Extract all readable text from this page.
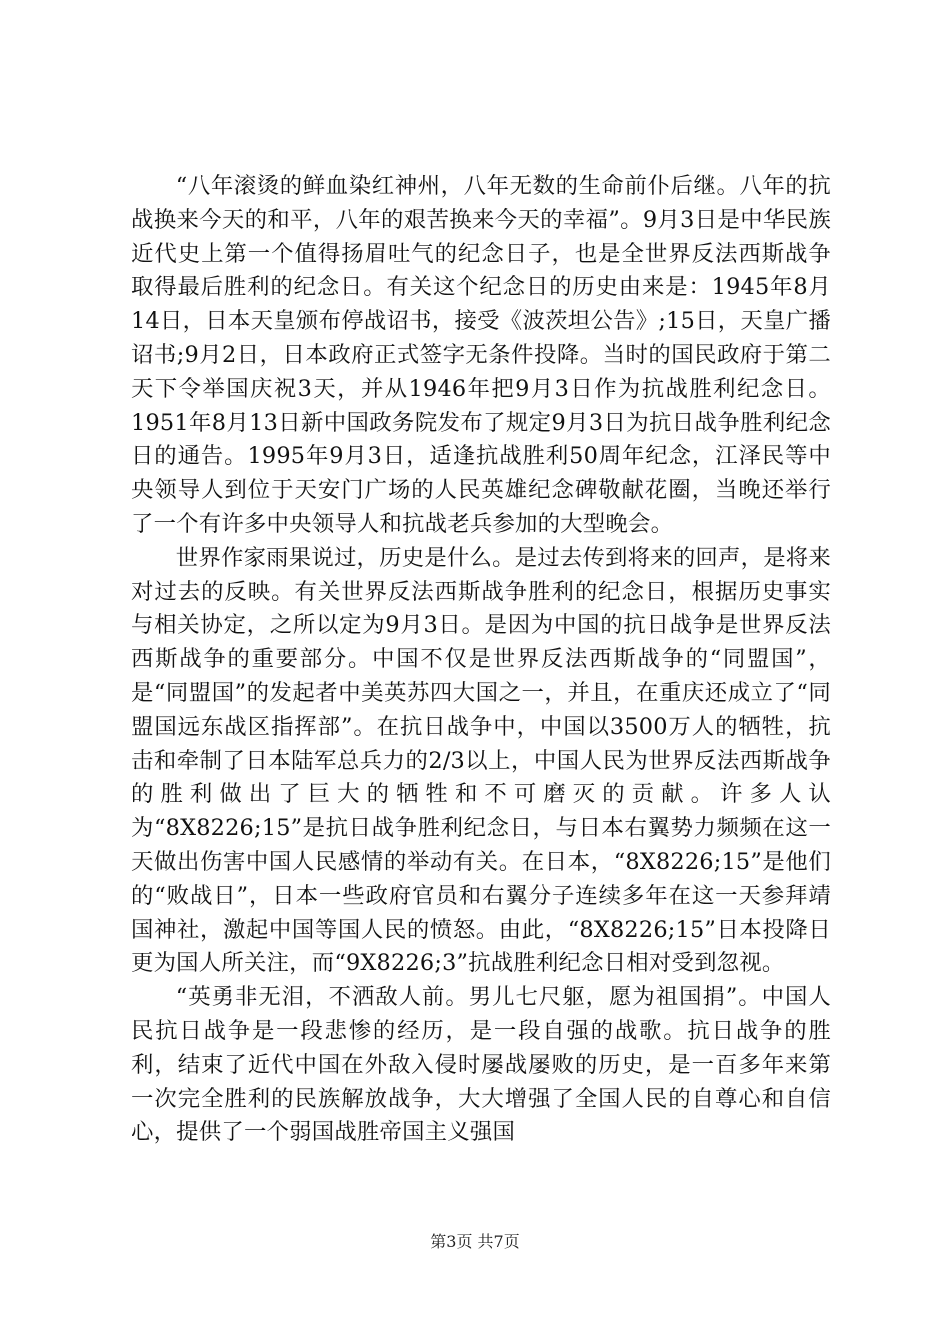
“八年滚烫的鲜血染红神州，八年无数的生命前仆后继。八年的抗战换来今天的和平，八年的艰苦换来今天的幸福”。9月3日是中华民族近代史上第一个值得扬眉吐气的纪念日子，也是全世界反法西斯战争取得最后胜利的纪念日。有关这个纪念日的历史由来是：1945年8月14日，日本天皇颁布停战诏书，接受《波茨坦公告》;15日，天皇广播诏书;9月2日，日本政府正式签字无条件投降。当时的国民政府于第二天下令举国庆祝3天，并从1946年把9月3日作为抗战胜利纪念日。1951年8月13日新中国政务院发布了规定9月3日为抗日战争胜利纪念日的通告。1995年9月3日，适逢抗战胜利50周年纪念，江泽民等中央领导人到位于天安门广场的人民英雄纪念碑敬献花圈，当晚还举行了一个有许多中央领导人和抗战老兵参加的大型晚会。

世界作家雨果说过，历史是什么。是过去传到将来的回声，是将来对过去的反映。有关世界反法西斯战争胜利的纪念日，根据历史事实与相关协定，之所以定为9月3日。是因为中国的抗日战争是世界反法西斯战争的重要部分。中国不仅是世界反法西斯战争的“同盟国”，是“同盟国”的发起者中美英苏四大国之一，并且，在重庆还成立了“同盟国远东战区指挥部”。在抗日战争中，中国以3500万人的牺牲，抗击和牵制了日本陆军总兵力的2/3以上，中国人民为世界反法西斯战争的胜利做出了巨大的牺牲和不可磨灭的贡献。许多人认为“8X8226;15”是抗日战争胜利纪念日，与日本右翼势力频频在这一天做出伤害中国人民感情的举动有关。在日本，“8X8226;15”是他们的“败战日”，日本一些政府官员和右翼分子连续多年在这一天参拜靖国神社，激起中国等国人民的愤怒。由此，“8X8226;15”日本投降日更为国人所关注，而“9X8226;3”抗战胜利纪念日相对受到忽视。

“英勇非无泪，不洒敌人前。男儿七尺躯，愿为祖国捐”。中国人民抗日战争是一段悲惨的经历，是一段自强的战歌。抗日战争的胜利，结束了近代中国在外敌入侵时屡战屡败的历史，是一百多年来第一次完全胜利的民族解放战争，大大增强了全国人民的自尊心和自信心，提供了一个弱国战胜帝国主义强国

第3页 共7页
